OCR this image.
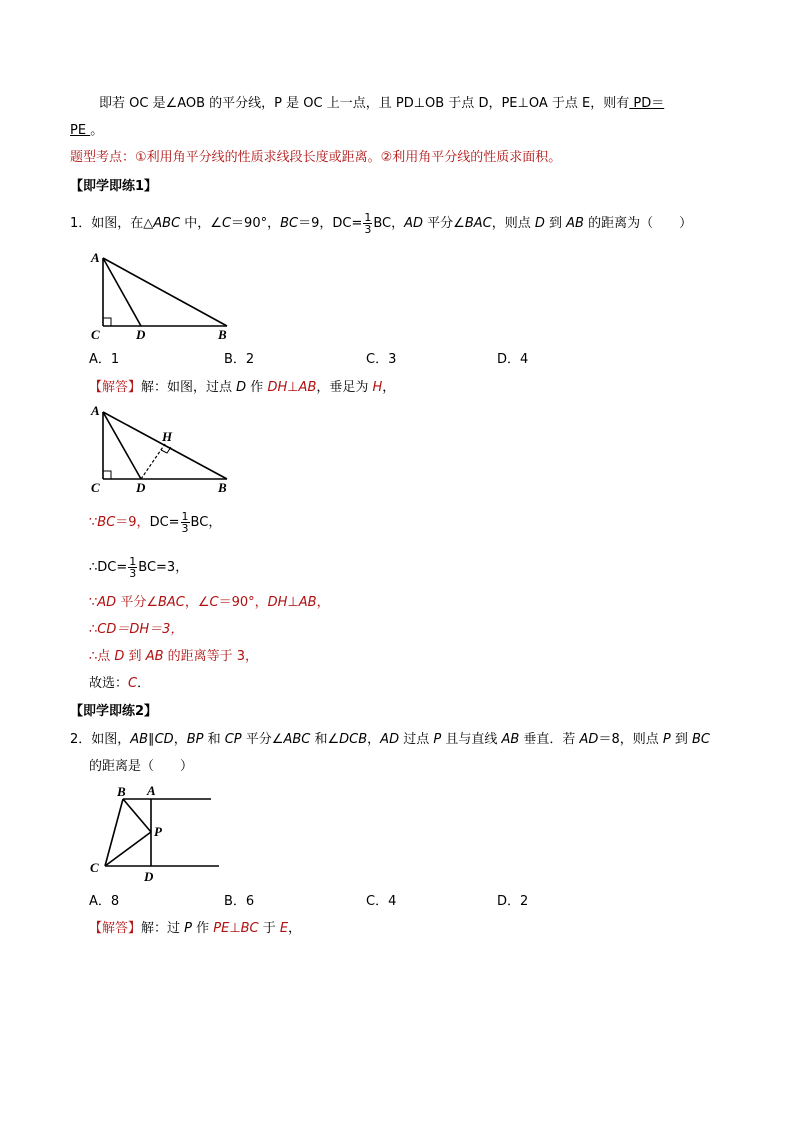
即若 OC 是∠AOB 的平分线，P 是 OC 上一点，且 PD⊥OB 于点 D，PE⊥OA 于点 E，则有 PD＝
PE 。
题型考点：①利用角平分线的性质求线段长度或距离。②利用角平分线的性质求面积。
【即学即练1】
1．如图，在△ABC 中，∠C＝90°，BC＝9，$DC= \frac{1}{3}$ BC，AD 平分∠BAC，则点 D 到 AB 的距离为（　　）
A
C	D	B
A．1	B．2	C．3	D．4
【解答】解：如图，过点 D 作 DH⊥AB，垂足为 H，
A
H
C	D	B
∵BC＝9，$DC= \frac{1}{3}$ BC，
∴DC= $\frac{1}{3} BC=3$，
∵AD 平分∠BAC，∠C＝90°，DH⊥AB，
∴CD＝DH＝3，
∴点 D 到 AB 的距离等于 3，
故选：C．
【即学即练2】
2．如图，AB∥CD，BP 和 CP 平分∠ABC 和∠DCB，AD 过点 P 且与直线 AB 垂直．若 AD＝8，则点 P 到 BC
的距离是（　　）
B A
P
C
D
A．8	B．6	C．4	D．2
【解答】解：过 P 作 PE⊥BC 于 E，
